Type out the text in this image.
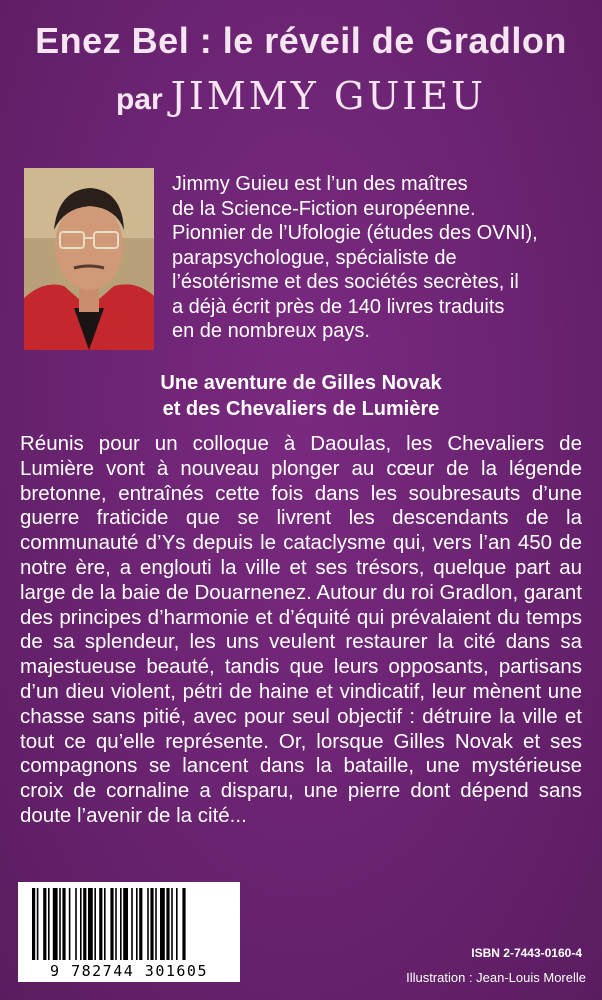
Enez Bel : le réveil de Gradlon
par JIMMY GUIEU
Jimmy Guieu est l’un des maîtres
de la Science-Fiction européenne.
Pionnier de l’Ufologie (études des OVNI),
parapsychologue, spécialiste de
l’ésotérisme et des sociétés secrètes, il
a déjà écrit près de 140 livres traduits
en de nombreux pays.
Une aventure de Gilles Novak
et des Chevaliers de Lumière
Réunis pour un colloque à Daoulas, les Chevaliers de Lumière vont à nouveau plonger au cœur de la légende bretonne, entraînés cette fois dans les soubresauts d’une guerre fraticide que se livrent les descendants de la communauté d’Ys depuis le cataclysme qui, vers l’an 450 de notre ère, a englouti la ville et ses trésors, quelque part au large de la baie de Douarnenez. Autour du roi Gradlon, garant des principes d’harmonie et d’équité qui prévalaient du temps de sa splendeur, les uns veulent restaurer la cité dans sa majestueuse beauté, tandis que leurs opposants, partisans d’un dieu violent, pétri de haine et vindicatif, leur mènent une chasse sans pitié, avec pour seul objectif : détruire la ville et tout ce qu’elle représente. Or, lorsque Gilles Novak et ses compagnons se lancent dans la bataille, une mystérieuse croix de cornaline a disparu, une pierre dont dépend sans doute l’avenir de la cité...
9 782744 301605
ISBN 2-7443-0160-4
Illustration : Jean-Louis Morelle
